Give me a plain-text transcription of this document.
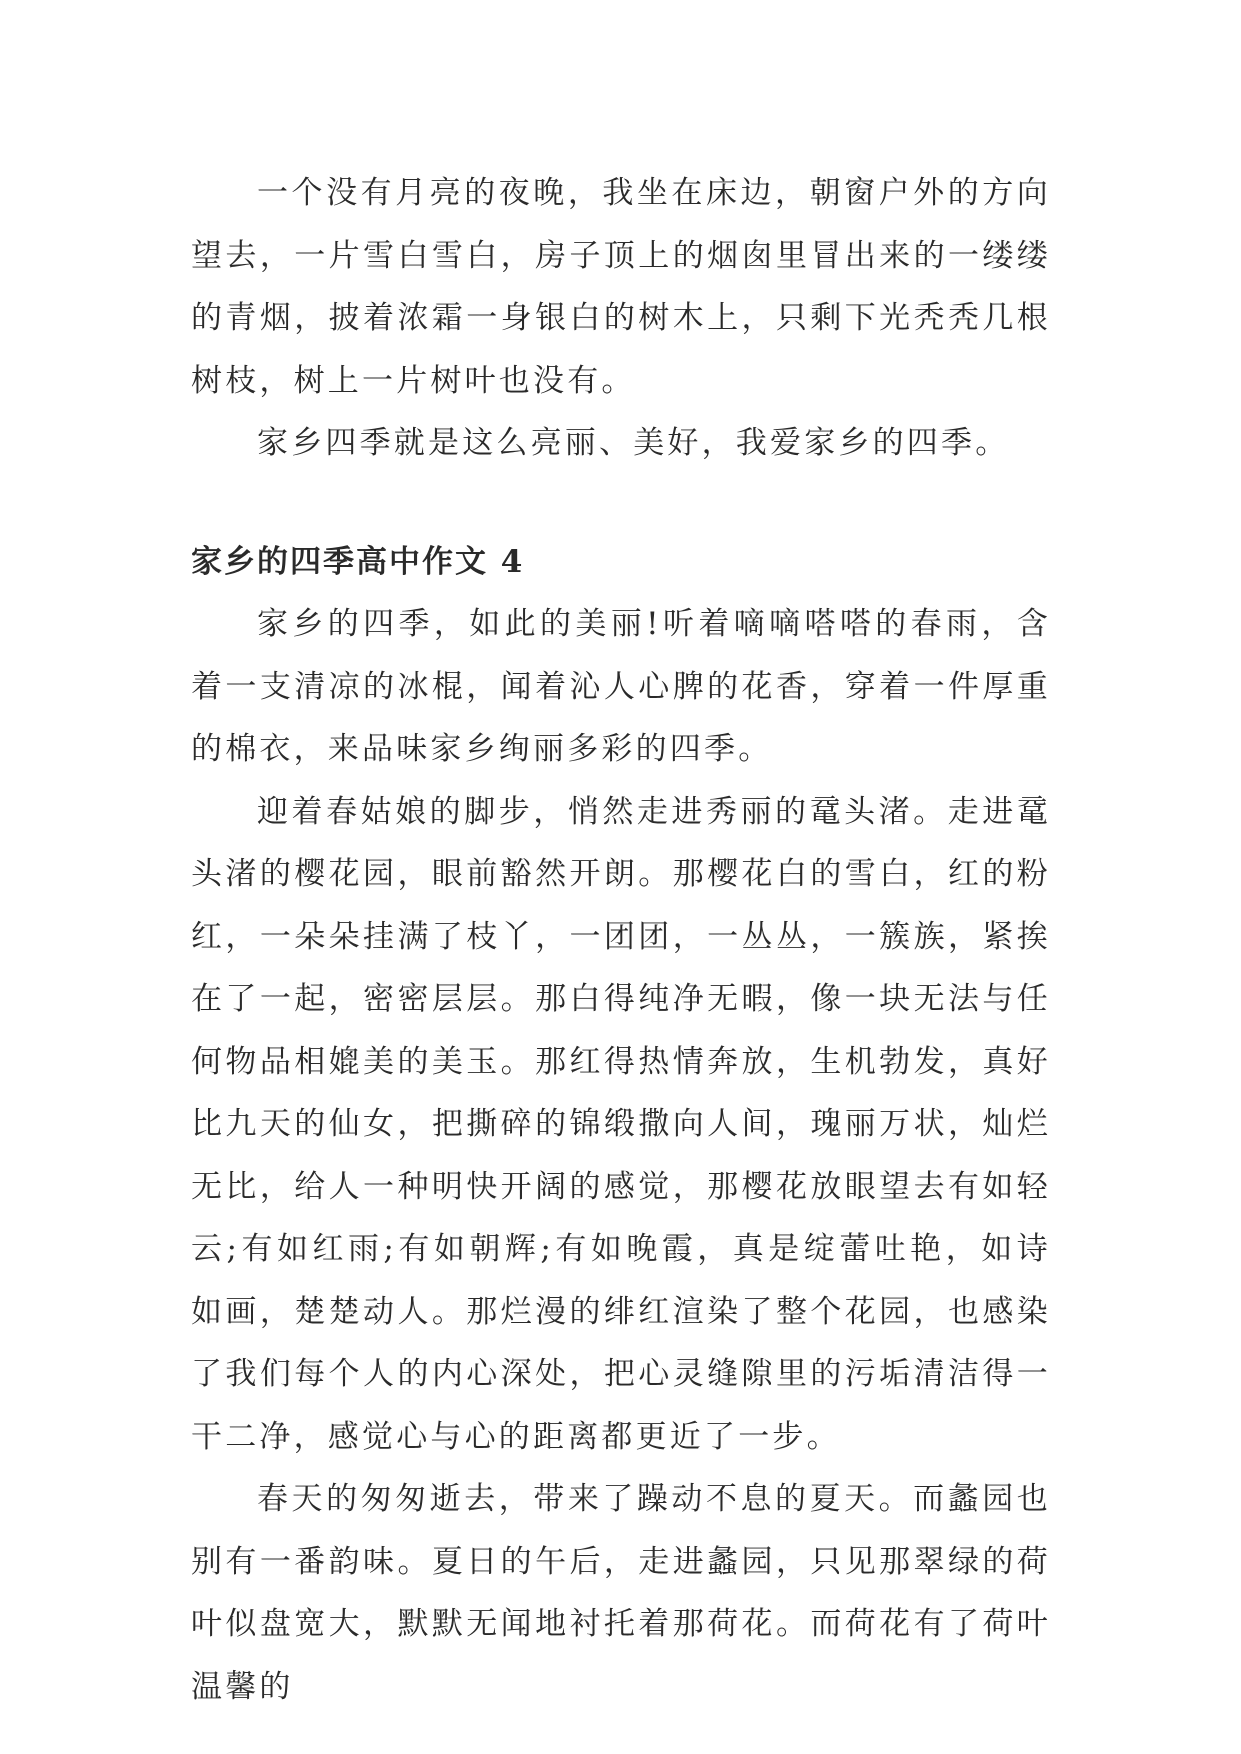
一个没有月亮的夜晚，我坐在床边，朝窗户外的方向望去，一片雪白雪白，房子顶上的烟囱里冒出来的一缕缕的青烟，披着浓霜一身银白的树木上，只剩下光秃秃几根树枝，树上一片树叶也没有。

家乡四季就是这么亮丽、美好，我爱家乡的四季。

家乡的四季高中作文 4

家乡的四季，如此的美丽!听着嘀嘀嗒嗒的春雨，含着一支清凉的冰棍，闻着沁人心脾的花香，穿着一件厚重的棉衣，来品味家乡绚丽多彩的四季。

迎着春姑娘的脚步，悄然走进秀丽的鼋头渚。走进鼋头渚的樱花园，眼前豁然开朗。那樱花白的雪白，红的粉红，一朵朵挂满了枝丫，一团团，一丛丛，一簇族，紧挨在了一起，密密层层。那白得纯净无暇，像一块无法与任何物品相媲美的美玉。那红得热情奔放，生机勃发，真好比九天的仙女，把撕碎的锦缎撒向人间，瑰丽万状，灿烂无比，给人一种明快开阔的感觉，那樱花放眼望去有如轻云;有如红雨;有如朝辉;有如晚霞，真是绽蕾吐艳，如诗如画，楚楚动人。那烂漫的绯红渲染了整个花园，也感染了我们每个人的内心深处，把心灵缝隙里的污垢清洁得一干二净，感觉心与心的距离都更近了一步。

春天的匆匆逝去，带来了躁动不息的夏天。而蠡园也别有一番韵味。夏日的午后，走进蠡园，只见那翠绿的荷叶似盘宽大，默默无闻地衬托着那荷花。而荷花有了荷叶温馨的
